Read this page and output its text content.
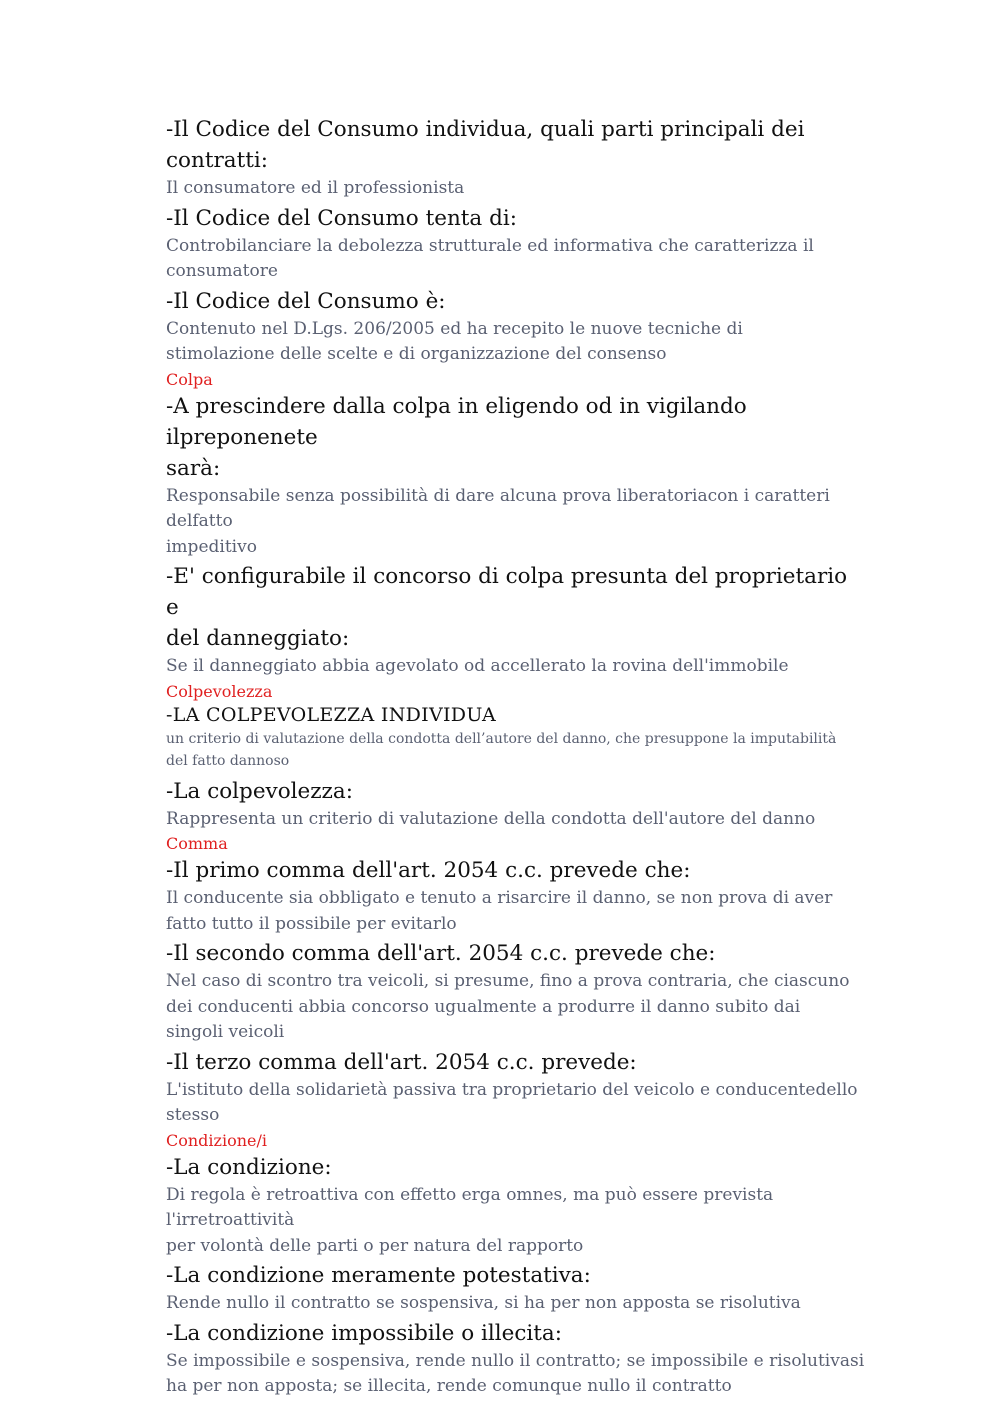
-Il Codice del Consumo individua, quali parti principali dei
contratti:

Il consumatore ed il professionista

-Il Codice del Consumo tenta di:

Controbilanciare la debolezza strutturale ed informativa che caratterizza il
consumatore

-Il Codice del Consumo è:

Contenuto nel D.Lgs. 206/2005 ed ha recepito le nuove tecniche di
stimolazione delle scelte e di organizzazione del consenso

Colpa

-A prescindere dalla colpa in eligendo od in vigilando ilpreponenete
sarà:

Responsabile senza possibilità di dare alcuna prova liberatoriacon i caratteri delfatto
impeditivo

-E' configurabile il concorso di colpa presunta del proprietario e
del danneggiato:

Se il danneggiato abbia agevolato od accellerato la rovina dell'immobile

Colpevolezza

-LA COLPEVOLEZZA INDIVIDUA

un criterio di valutazione della condotta dell’autore del danno, che presuppone la imputabilità
del fatto dannoso

-La colpevolezza:

Rappresenta un criterio di valutazione della condotta dell'autore del danno

Comma

-Il primo comma dell'art. 2054 c.c. prevede che:

Il conducente sia obbligato e tenuto a risarcire il danno, se non prova di aver
fatto tutto il possibile per evitarlo

-Il secondo comma dell'art. 2054 c.c. prevede che:

Nel caso di scontro tra veicoli, si presume, fino a prova contraria, che ciascuno
dei conducenti abbia concorso ugualmente a produrre il danno subito dai
singoli veicoli

-Il terzo comma dell'art. 2054 c.c. prevede:

L'istituto della solidarietà passiva tra proprietario del veicolo e conducentedello
stesso

Condizione/i

-La condizione:

Di regola è retroattiva con effetto erga omnes, ma può essere prevista l'irretroattività
per volontà delle parti o per natura del rapporto

-La condizione meramente potestativa:

Rende nullo il contratto se sospensiva, si ha per non apposta se risolutiva

-La condizione impossibile o illecita:

Se impossibile e sospensiva, rende nullo il contratto; se impossibile e risolutivasi
ha per non apposta; se illecita, rende comunque nullo il contratto
